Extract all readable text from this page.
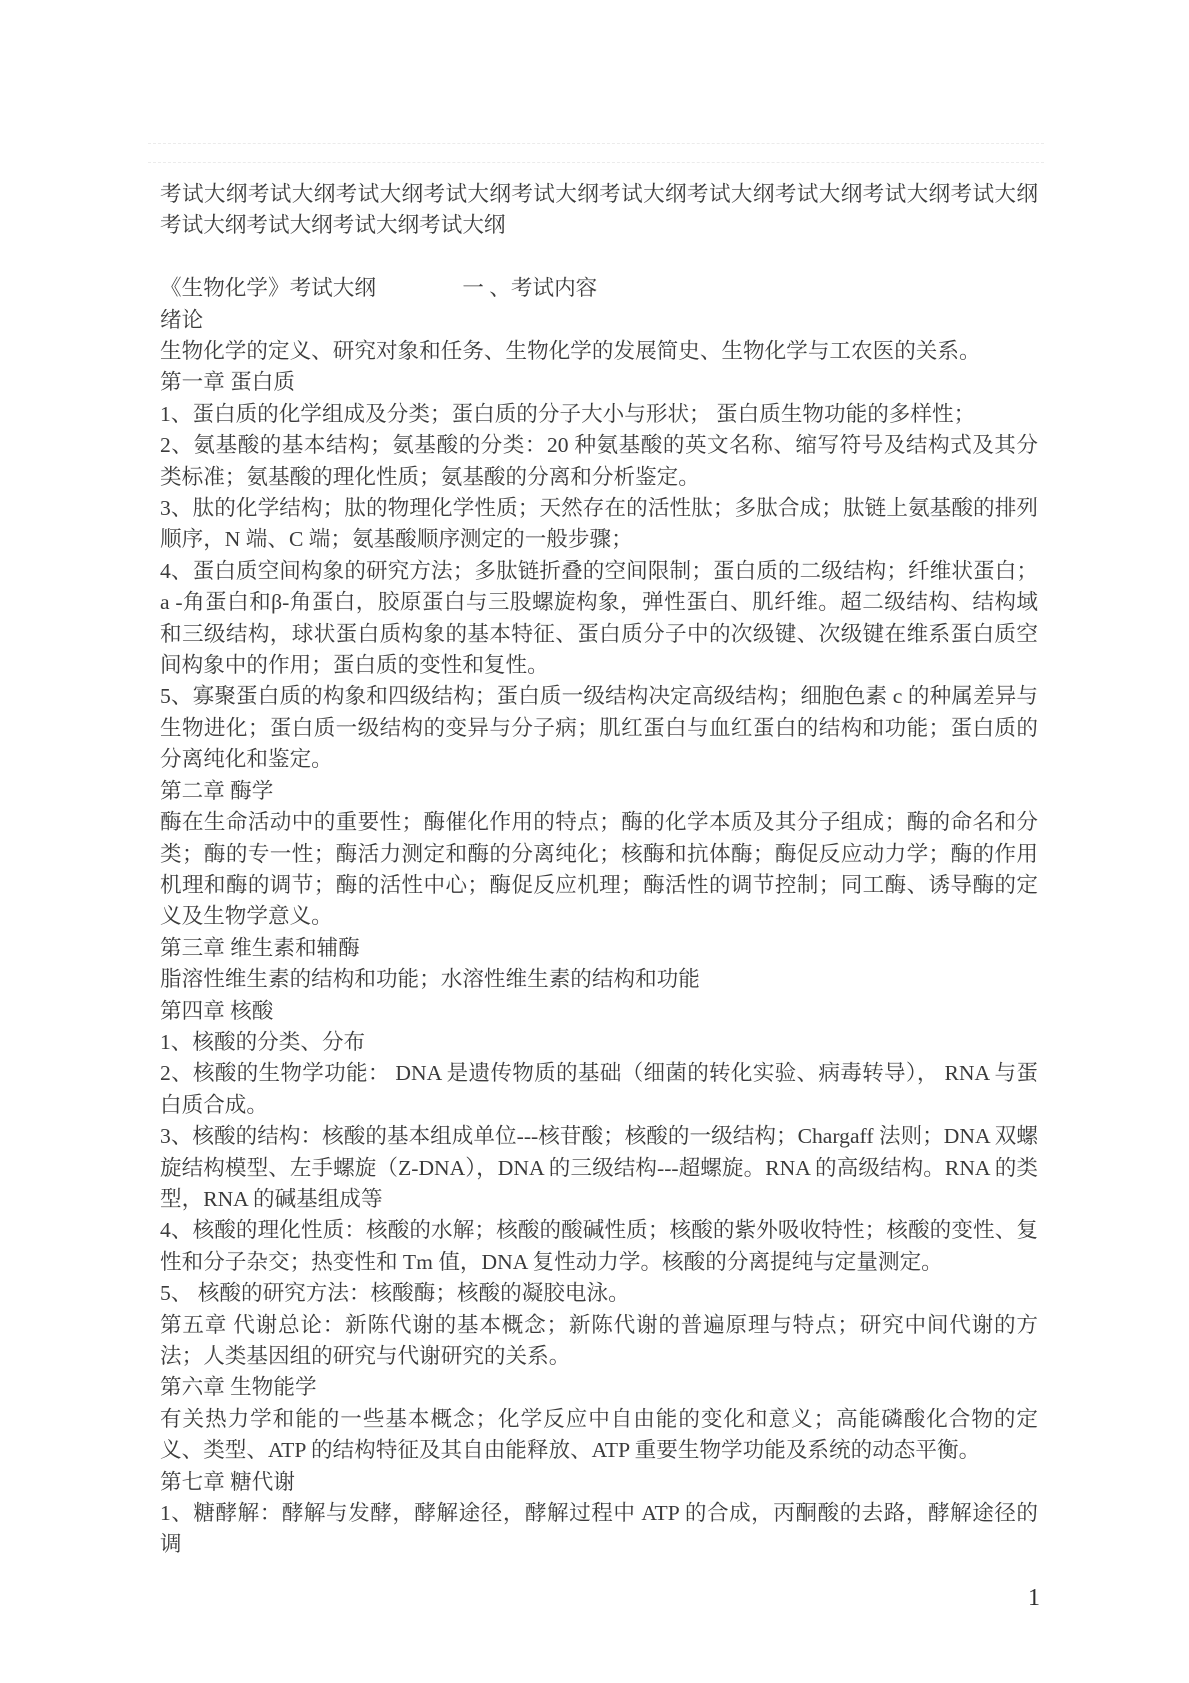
考试大纲考试大纲考试大纲考试大纲考试大纲考试大纲考试大纲考试大纲考试大纲考试大纲考试大纲考试大纲考试大纲考试大纲

《生物化学》考试大纲　　　　一 、考试内容

绪论

生物化学的定义、研究对象和任务、生物化学的发展简史、生物化学与工农医的关系。

第一章 蛋白质

1、蛋白质的化学组成及分类；蛋白质的分子大小与形状； 蛋白质生物功能的多样性；

2、氨基酸的基本结构；氨基酸的分类：20 种氨基酸的英文名称、缩写符号及结构式及其分类标准；氨基酸的理化性质；氨基酸的分离和分析鉴定。

3、肽的化学结构；肽的物理化学性质；天然存在的活性肽；多肽合成；肽链上氨基酸的排列顺序，N 端、C 端；氨基酸顺序测定的一般步骤；

4、蛋白质空间构象的研究方法；多肽链折叠的空间限制；蛋白质的二级结构；纤维状蛋白；a -角蛋白和β-角蛋白，胶原蛋白与三股螺旋构象，弹性蛋白、肌纤维。超二级结构、结构域和三级结构，球状蛋白质构象的基本特征、蛋白质分子中的次级键、次级键在维系蛋白质空间构象中的作用；蛋白质的变性和复性。

5、寡聚蛋白质的构象和四级结构；蛋白质一级结构决定高级结构；细胞色素 c 的种属差异与生物进化；蛋白质一级结构的变异与分子病；肌红蛋白与血红蛋白的结构和功能；蛋白质的分离纯化和鉴定。

第二章 酶学

酶在生命活动中的重要性；酶催化作用的特点；酶的化学本质及其分子组成；酶的命名和分类；酶的专一性；酶活力测定和酶的分离纯化；核酶和抗体酶；酶促反应动力学；酶的作用机理和酶的调节；酶的活性中心；酶促反应机理；酶活性的调节控制；同工酶、诱导酶的定义及生物学意义。

第三章 维生素和辅酶

脂溶性维生素的结构和功能；水溶性维生素的结构和功能

第四章 核酸

1、核酸的分类、分布

2、核酸的生物学功能： DNA 是遗传物质的基础（细菌的转化实验、病毒转导）， RNA 与蛋白质合成。

3、核酸的结构：核酸的基本组成单位---核苷酸；核酸的一级结构；Chargaff 法则；DNA 双螺旋结构模型、左手螺旋（Z-DNA），DNA 的三级结构---超螺旋。RNA 的高级结构。RNA 的类型，RNA 的碱基组成等

4、核酸的理化性质：核酸的水解；核酸的酸碱性质；核酸的紫外吸收特性；核酸的变性、复性和分子杂交；热变性和 Tm 值，DNA 复性动力学。核酸的分离提纯与定量测定。

5、 核酸的研究方法：核酸酶；核酸的凝胶电泳。

第五章 代谢总论：新陈代谢的基本概念；新陈代谢的普遍原理与特点；研究中间代谢的方法；人类基因组的研究与代谢研究的关系。

第六章 生物能学

有关热力学和能的一些基本概念；化学反应中自由能的变化和意义；高能磷酸化合物的定义、类型、ATP 的结构特征及其自由能释放、ATP 重要生物学功能及系统的动态平衡。

第七章 糖代谢

1、糖酵解：酵解与发酵，酵解途径，酵解过程中 ATP 的合成，丙酮酸的去路，酵解途径的调

1
